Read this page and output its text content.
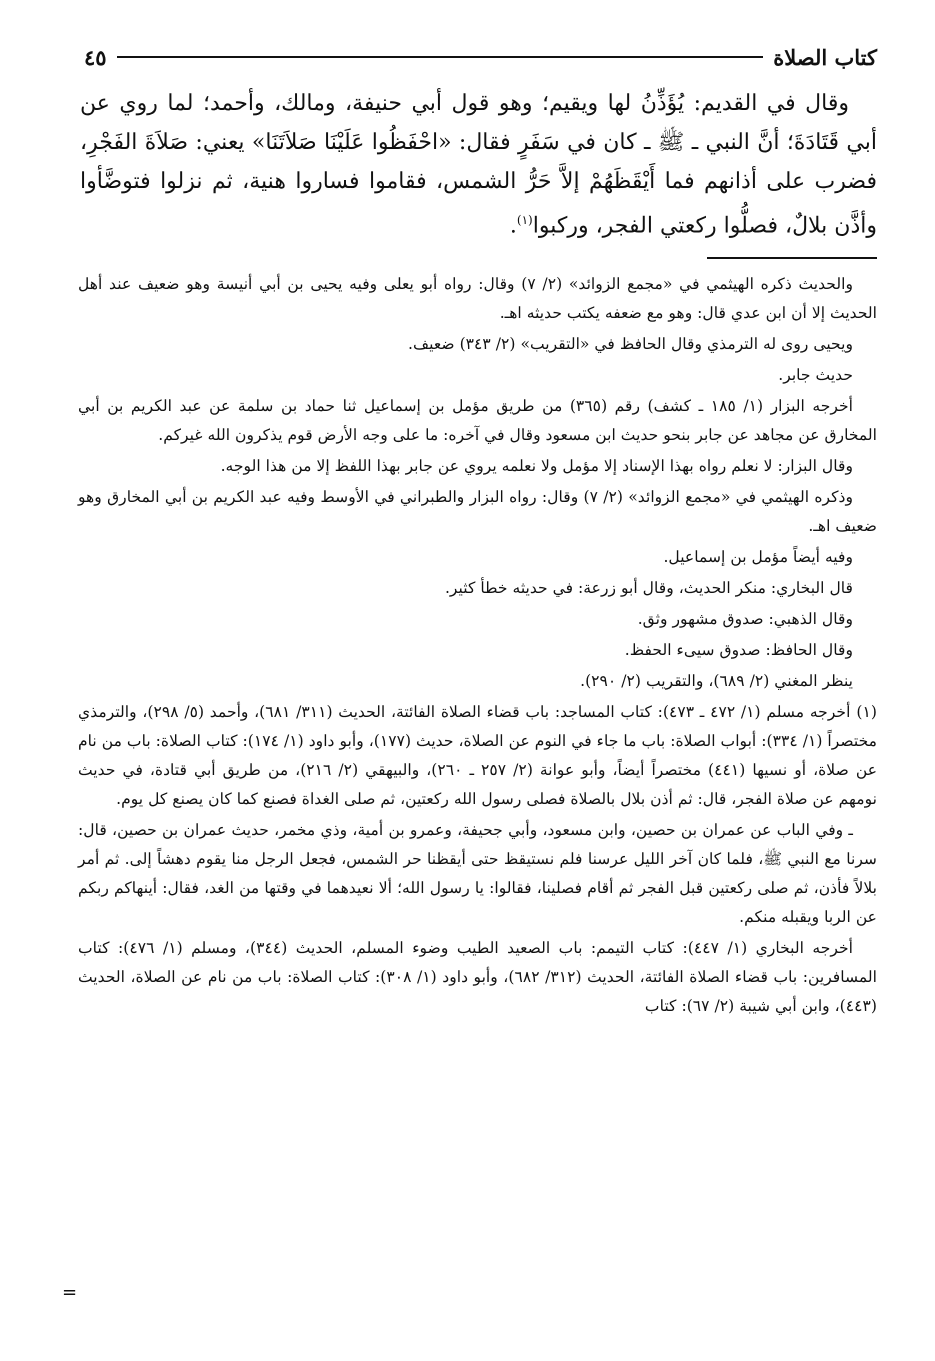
كتاب الصلاة
٤٥

وقال في القديم: يُؤَذِّنُ لها ويقيم؛ وهو قول أبي حنيفة، ومالك، وأحمد؛ لما روي عن أبي قَتَادَةَ؛ أنَّ النبي ـ ﷺ ـ كان في سَفَرٍ فقال: «احْفَظُوا عَلَيْنَا صَلاَتَنَا» يعني: صَلاَةَ الفَجْرِ، فضرب على أذانهم فما أَيْقَظَهُمْ إلاَّ حَرُّ الشمس، فقاموا فساروا هنية، ثم نزلوا فتوضَّأوا وأذَّن بلالٌ، فصلُّوا ركعتي الفجر، وركبوا$^{(١)}$.

والحديث ذكره الهيثمي في «مجمع الزوائد» (٢/ ٧) وقال: رواه أبو يعلى وفيه يحيى بن أبي أنيسة وهو ضعيف عند أهل الحديث إلا أن ابن عدي قال: وهو مع ضعفه يكتب حديثه اهـ.

ويحيى روى له الترمذي وقال الحافظ في «التقريب» (٢/ ٣٤٣) ضعيف.

حديث جابر.

أخرجه البزار (١/ ١٨٥ ـ كشف) رقم (٣٦٥) من طريق مؤمل بن إسماعيل ثنا حماد بن سلمة عن عبد الكريم بن أبي المخارق عن مجاهد عن جابر بنحو حديث ابن مسعود وقال في آخره: ما على وجه الأرض قوم يذكرون الله غيركم.

وقال البزار: لا نعلم رواه بهذا الإسناد إلا مؤمل ولا نعلمه يروي عن جابر بهذا اللفظ إلا من هذا الوجه.

وذكره الهيثمي في «مجمع الزوائد» (٢/ ٧) وقال: رواه البزار والطبراني في الأوسط وفيه عبد الكريم بن أبي المخارق وهو ضعيف اهـ.

وفيه أيضاً مؤمل بن إسماعيل.

قال البخاري: منكر الحديث، وقال أبو زرعة: في حديثه خطأ كثير.

وقال الذهبي: صدوق مشهور وثق.

وقال الحافظ: صدوق سيىء الحفظ.

ينظر المغني (٢/ ٦٨٩)، والتقريب (٢/ ٢٩٠).

(١)أخرجه مسلم (١/ ٤٧٢ ـ ٤٧٣): كتاب المساجد: باب قضاء الصلاة الفائتة، الحديث (٣١١/ ٦٨١)، وأحمد (٥/ ٢٩٨)، والترمذي مختصراً (١/ ٣٣٤): أبواب الصلاة: باب ما جاء في النوم عن الصلاة، حديث (١٧٧)، وأبو داود (١/ ١٧٤): كتاب الصلاة: باب من نام عن صلاة، أو نسيها (٤٤١) مختصراً أيضاً، وأبو عوانة (٢/ ٢٥٧ ـ ٢٦٠)، والبيهقي (٢/ ٢١٦)، من طريق أبي قتادة، في حديث نومهم عن صلاة الفجر، قال: ثم أذن بلال بالصلاة فصلى رسول الله ركعتين، ثم صلى الغداة فصنع كما كان يصنع كل يوم.

ـ وفي الباب عن عمران بن حصين، وابن مسعود، وأبي جحيفة، وعمرو بن أمية، وذي مخمر، حديث عمران بن حصين، قال: سرنا مع النبي ﷺ، فلما كان آخر الليل عرسنا فلم نستيقظ حتى أيقظنا حر الشمس، فجعل الرجل منا يقوم دهشاً إلى. ثم أمر بلالاً فأذن، ثم صلى ركعتين قبل الفجر ثم أقام فصلينا، فقالوا: يا رسول الله؛ ألا نعيدهما في وقتها من الغد، فقال: أينهاكم ربكم عن الربا ويقبله منكم.

أخرجه البخاري (١/ ٤٤٧): كتاب التيمم: باب الصعيد الطيب وضوء المسلم، الحديث (٣٤٤)، ومسلم (١/ ٤٧٦): كتاب المسافرين: باب قضاء الصلاة الفائتة، الحديث (٣١٢/ ٦٨٢)، وأبو داود (١/ ٣٠٨): كتاب الصلاة: باب من نام عن الصلاة، الحديث (٤٤٣)، وابن أبي شيبة (٢/ ٦٧): كتاب

=
